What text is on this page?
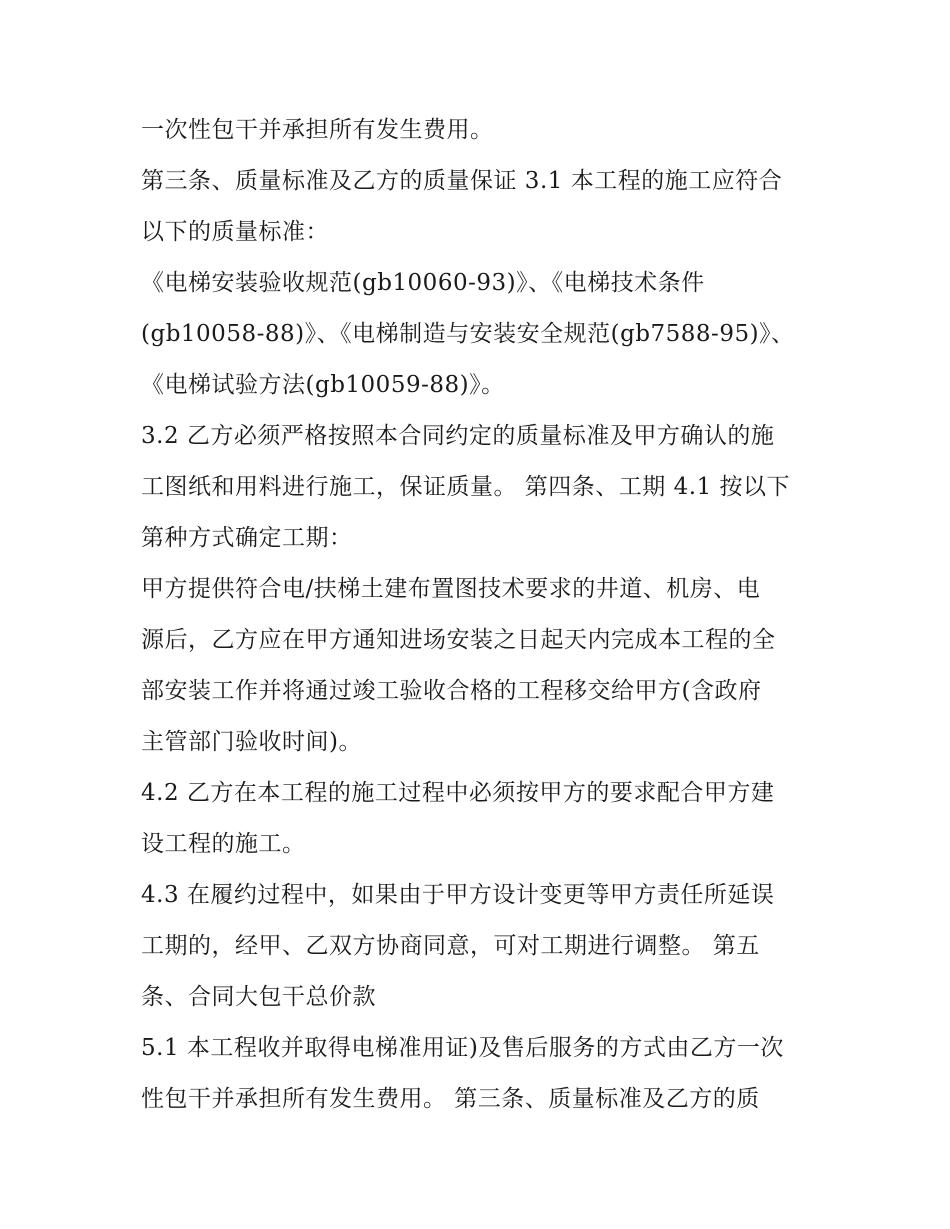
一次性包干并承担所有发生费用。
第三条、质量标准及乙方的质量保证 3.1 本工程的施工应符合
以下的质量标准：
《电梯安装验收规范(gb10060-93)》、《电梯技术条件
(gb10058-88)》、《电梯制造与安装安全规范(gb7588-95)》、
《电梯试验方法(gb10059-88)》。
3.2 乙方必须严格按照本合同约定的质量标准及甲方确认的施
工图纸和用料进行施工，保证质量。 第四条、工期 4.1 按以下
第种方式确定工期：
甲方提供符合电/扶梯土建布置图技术要求的井道、机房、电
源后，乙方应在甲方通知进场安装之日起天内完成本工程的全
部安装工作并将通过竣工验收合格的工程移交给甲方(含政府
主管部门验收时间)。
4.2 乙方在本工程的施工过程中必须按甲方的要求配合甲方建
设工程的施工。
4.3 在履约过程中，如果由于甲方设计变更等甲方责任所延误
工期的，经甲、乙双方协商同意，可对工期进行调整。 第五
条、合同大包干总价款
5.1 本工程收并取得电梯准用证)及售后服务的方式由乙方一次
性包干并承担所有发生费用。 第三条、质量标准及乙方的质
